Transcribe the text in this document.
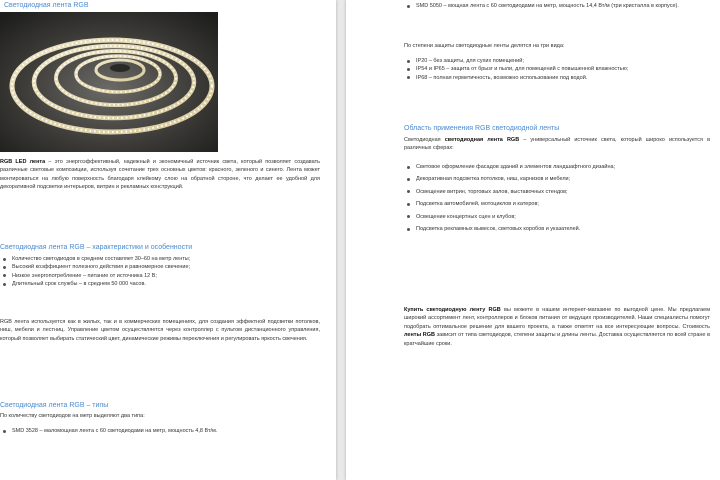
Светодиодная лента RGB

RGB LED лента – это энергоэффективный, надежный и экономичный источник света, который позволяет создавать различные световые композиции, используя сочетание трех основных цветов: красного, зеленого и синего. Лента может монтироваться на любую поверхность благодаря клейкому слою на обратной стороне, что делает ее удобной для декоративной подсветки интерьеров, витрин и рекламных конструкций.

Светодиодная лента RGB – характеристики и особенности

Количество светодиодов в среднем составляет 30–60 на метр ленты;
Высокий коэффициент полезного действия и равномерное свечение;
Низкое энергопотребление – питание от источника 12 В;
Длительный срок службы – в среднем 50 000 часов.

RGB лента используется как в жилых, так и в коммерческих помещениях, для создания эффектной подсветки потолков, ниш, мебели и лестниц. Управление цветом осуществляется через контроллер с пультом дистанционного управления, который позволяет выбирать статический цвет, динамические режимы переключения и регулировать яркость свечения.

Светодиодная лента RGB – типы

По количеству светодиодов на метр выделяют два типа:

SMD 3528 – маломощная лента с 60 светодиодами на метр, мощность 4,8 Вт/м.
SMD 5050 – мощная лента с 60 светодиодами на метр, мощность 14,4 Вт/м (три кристалла в корпусе).

По степени защиты светодиодные ленты делятся на три вида:

IP20 – без защиты, для сухих помещений;
IP54 и IP65 – защита от брызг и пыли, для помещений с повышенной влажностью;
IP68 – полная герметичность, возможно использование под водой.

Область применения RGB светодиодной ленты

Светодиодная светодиодная лента RGB – универсальный источник света, который широко используется в различных сферах:

Световое оформление фасадов зданий и элементов ландшафтного дизайна;
Декоративная подсветка потолков, ниш, карнизов и мебели;
Освещение витрин, торговых залов, выставочных стендов;
Подсветка автомобилей, мотоциклов и катеров;
Освещение концертных сцен и клубов;
Подсветка рекламных вывесок, световых коробов и указателей.

Купить светодиодную ленту RGB вы можете в нашем интернет-магазине по выгодной цене. Мы предлагаем широкий ассортимент лент, контроллеров и блоков питания от ведущих производителей. Наши специалисты помогут подобрать оптимальное решение для вашего проекта, а также ответят на все интересующие вопросы. Стоимость ленты RGB зависит от типа светодиодов, степени защиты и длины ленты. Доставка осуществляется по всей стране в кратчайшие сроки.
